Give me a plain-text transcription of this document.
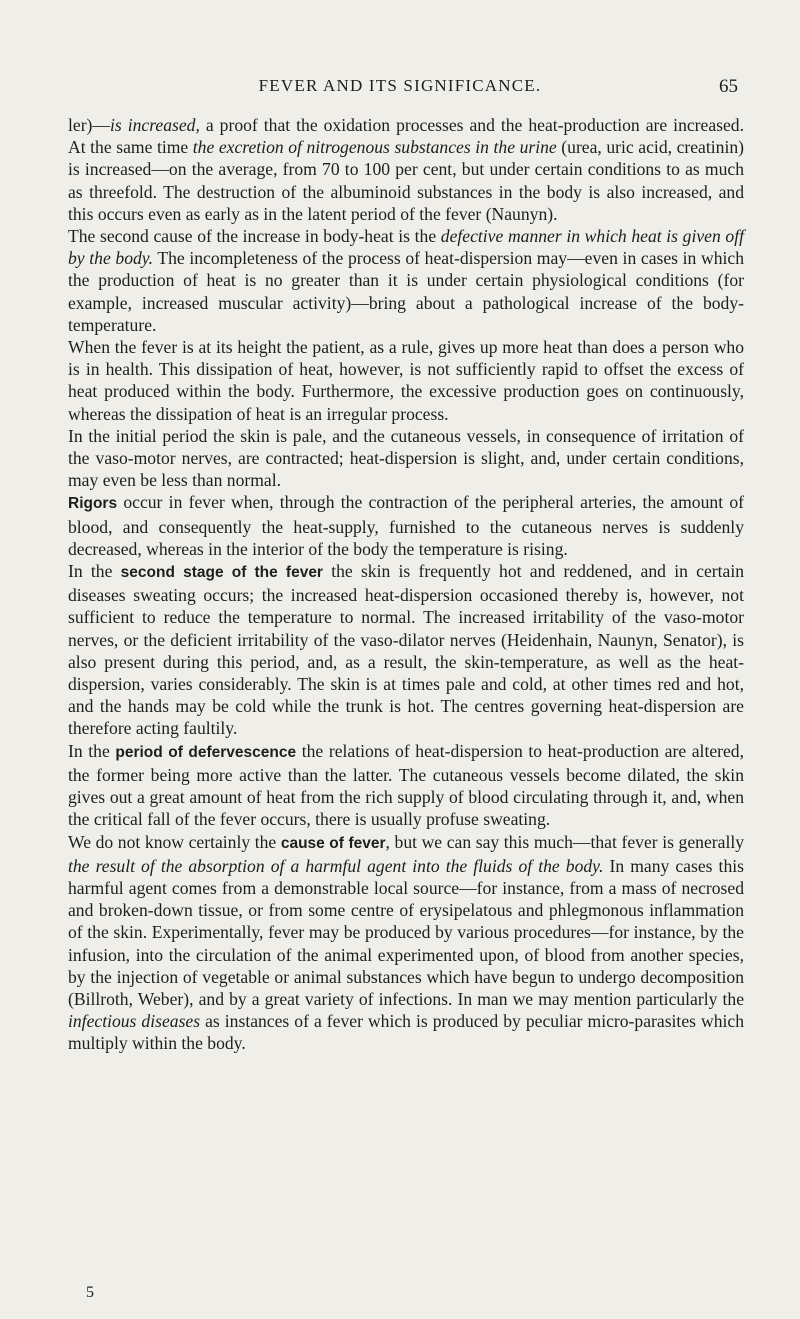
FEVER AND ITS SIGNIFICANCE.	65

ler)—is increased, a proof that the oxidation processes and the heat-production are increased. At the same time the excretion of nitrogenous substances in the urine (urea, uric acid, creatinin) is increased—on the average, from 70 to 100 per cent, but under certain conditions to as much as threefold. The destruction of the albuminoid substances in the body is also increased, and this occurs even as early as in the latent period of the fever (Naunyn).

The second cause of the increase in body-heat is the defective manner in which heat is given off by the body. The incompleteness of the process of heat-dispersion may—even in cases in which the production of heat is no greater than it is under certain physiological conditions (for example, increased muscular activity)—bring about a pathological increase of the body-temperature.

When the fever is at its height the patient, as a rule, gives up more heat than does a person who is in health. This dissipation of heat, however, is not sufficiently rapid to offset the excess of heat produced within the body. Furthermore, the excessive production goes on continuously, whereas the dissipation of heat is an irregular process.

In the initial period the skin is pale, and the cutaneous vessels, in consequence of irritation of the vaso-motor nerves, are contracted; heat-dispersion is slight, and, under certain conditions, may even be less than normal.

Rigors occur in fever when, through the contraction of the peripheral arteries, the amount of blood, and consequently the heat-supply, furnished to the cutaneous nerves is suddenly decreased, whereas in the interior of the body the temperature is rising.

In the second stage of the fever the skin is frequently hot and reddened, and in certain diseases sweating occurs; the increased heat-dispersion occasioned thereby is, however, not sufficient to reduce the temperature to normal. The increased irritability of the vaso-motor nerves, or the deficient irritability of the vaso-dilator nerves (Heidenhain, Naunyn, Senator), is also present during this period, and, as a result, the skin-temperature, as well as the heat-dispersion, varies considerably. The skin is at times pale and cold, at other times red and hot, and the hands may be cold while the trunk is hot. The centres governing heat-dispersion are therefore acting faultily.

In the period of defervescence the relations of heat-dispersion to heat-production are altered, the former being more active than the latter. The cutaneous vessels become dilated, the skin gives out a great amount of heat from the rich supply of blood circulating through it, and, when the critical fall of the fever occurs, there is usually profuse sweating.

We do not know certainly the cause of fever, but we can say this much—that fever is generally the result of the absorption of a harmful agent into the fluids of the body. In many cases this harmful agent comes from a demonstrable local source—for instance, from a mass of necrosed and broken-down tissue, or from some centre of erysipelatous and phlegmonous inflammation of the skin. Experimentally, fever may be produced by various procedures—for instance, by the infusion, into the circulation of the animal experimented upon, of blood from another species, by the injection of vegetable or animal substances which have begun to undergo decomposition (Billroth, Weber), and by a great variety of infections. In man we may mention particularly the infectious diseases as instances of a fever which is produced by peculiar micro-parasites which multiply within the body.

5
